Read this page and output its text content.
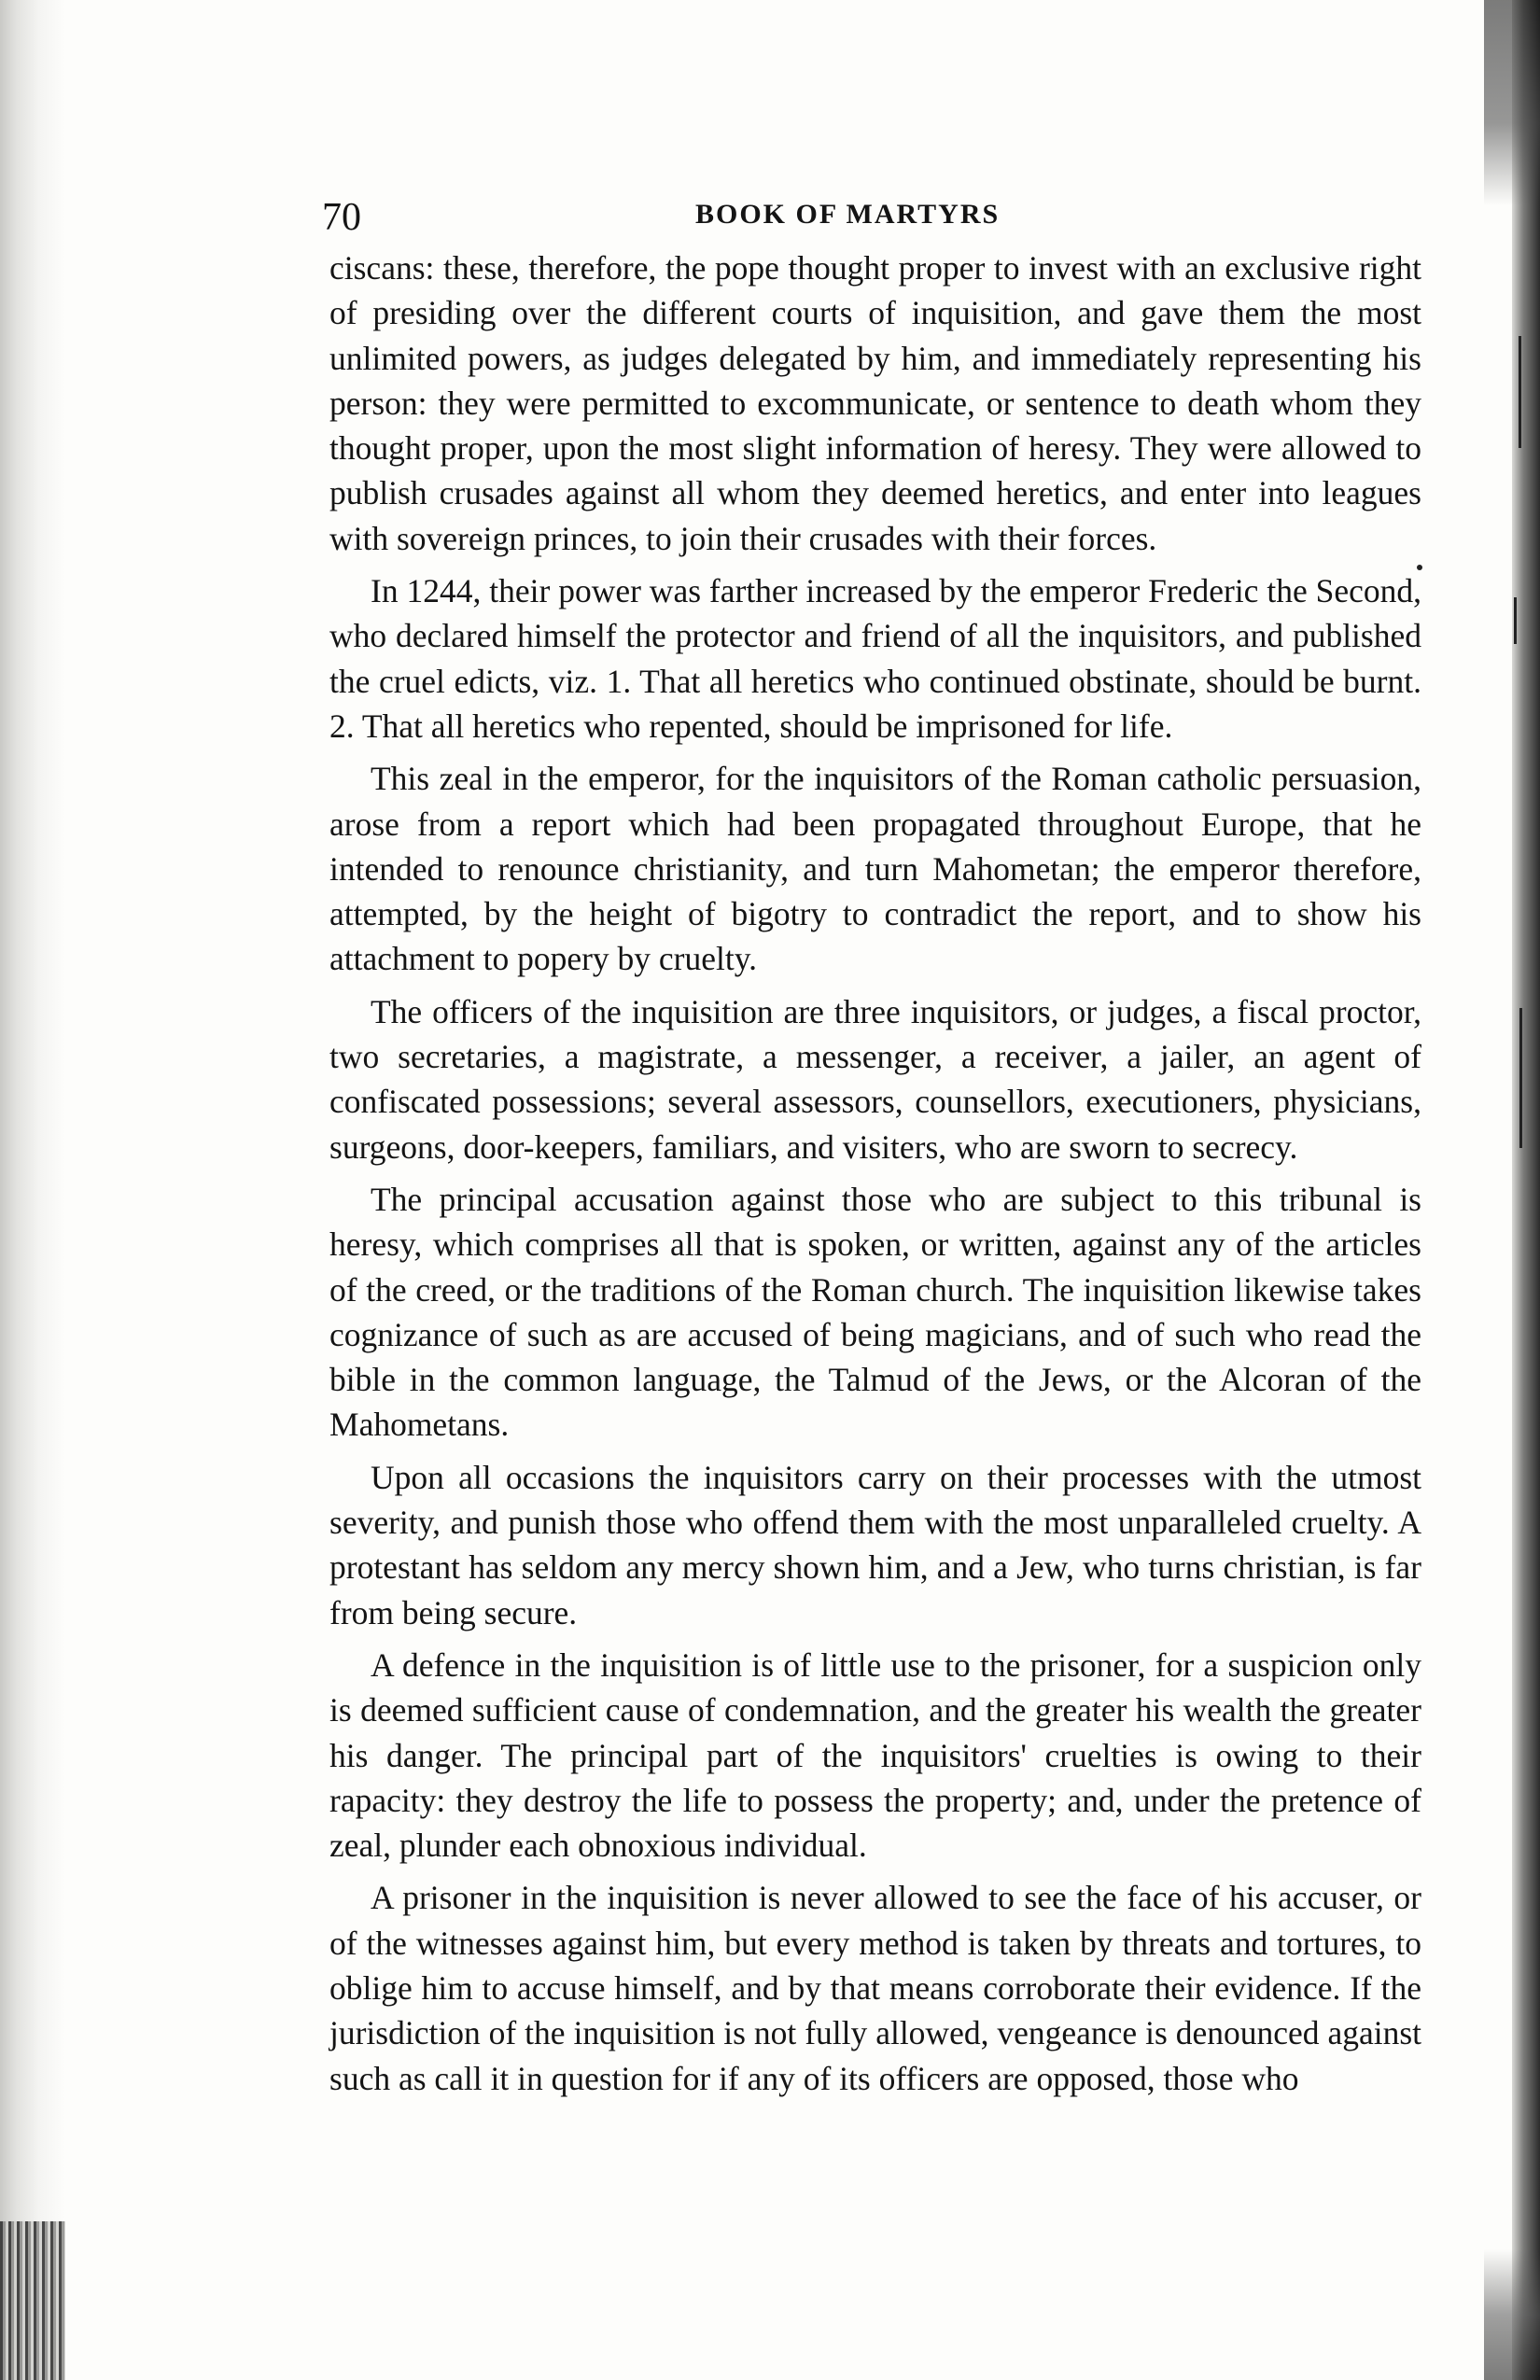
70	BOOK OF MARTYRS

ciscans: these, therefore, the pope thought proper to invest with an exclusive right of presiding over the different courts of inquisition, and gave them the most unlimited powers, as judges delegated by him, and immediately representing his person: they were permitted to excommunicate, or sentence to death whom they thought proper, upon the most slight information of heresy. They were allowed to publish crusades against all whom they deemed heretics, and enter into leagues with sovereign princes, to join their crusades with their forces.

In 1244, their power was farther increased by the emperor Frederic the Second, who declared himself the protector and friend of all the inquisitors, and published the cruel edicts, viz. 1. That all heretics who continued obstinate, should be burnt. 2. That all heretics who repented, should be imprisoned for life.

This zeal in the emperor, for the inquisitors of the Roman catholic persuasion, arose from a report which had been propagated throughout Europe, that he intended to renounce christianity, and turn Mahometan; the emperor therefore, attempted, by the height of bigotry to contradict the report, and to show his attachment to popery by cruelty.

The officers of the inquisition are three inquisitors, or judges, a fiscal proctor, two secretaries, a magistrate, a messenger, a receiver, a jailer, an agent of confiscated possessions; several assessors, counsellors, executioners, physicians, surgeons, door-keepers, familiars, and visiters, who are sworn to secrecy.

The principal accusation against those who are subject to this tribunal is heresy, which comprises all that is spoken, or written, against any of the articles of the creed, or the traditions of the Roman church. The inquisition likewise takes cognizance of such as are accused of being magicians, and of such who read the bible in the common language, the Talmud of the Jews, or the Alcoran of the Mahometans.

Upon all occasions the inquisitors carry on their processes with the utmost severity, and punish those who offend them with the most unparalleled cruelty. A protestant has seldom any mercy shown him, and a Jew, who turns christian, is far from being secure.

A defence in the inquisition is of little use to the prisoner, for a suspicion only is deemed sufficient cause of condemnation, and the greater his wealth the greater his danger. The principal part of the inquisitors' cruelties is owing to their rapacity: they destroy the life to possess the property; and, under the pretence of zeal, plunder each obnoxious individual.

A prisoner in the inquisition is never allowed to see the face of his accuser, or of the witnesses against him, but every method is taken by threats and tortures, to oblige him to accuse himself, and by that means corroborate their evidence. If the jurisdiction of the inquisition is not fully allowed, vengeance is denounced against such as call it in question for if any of its officers are opposed, those who
